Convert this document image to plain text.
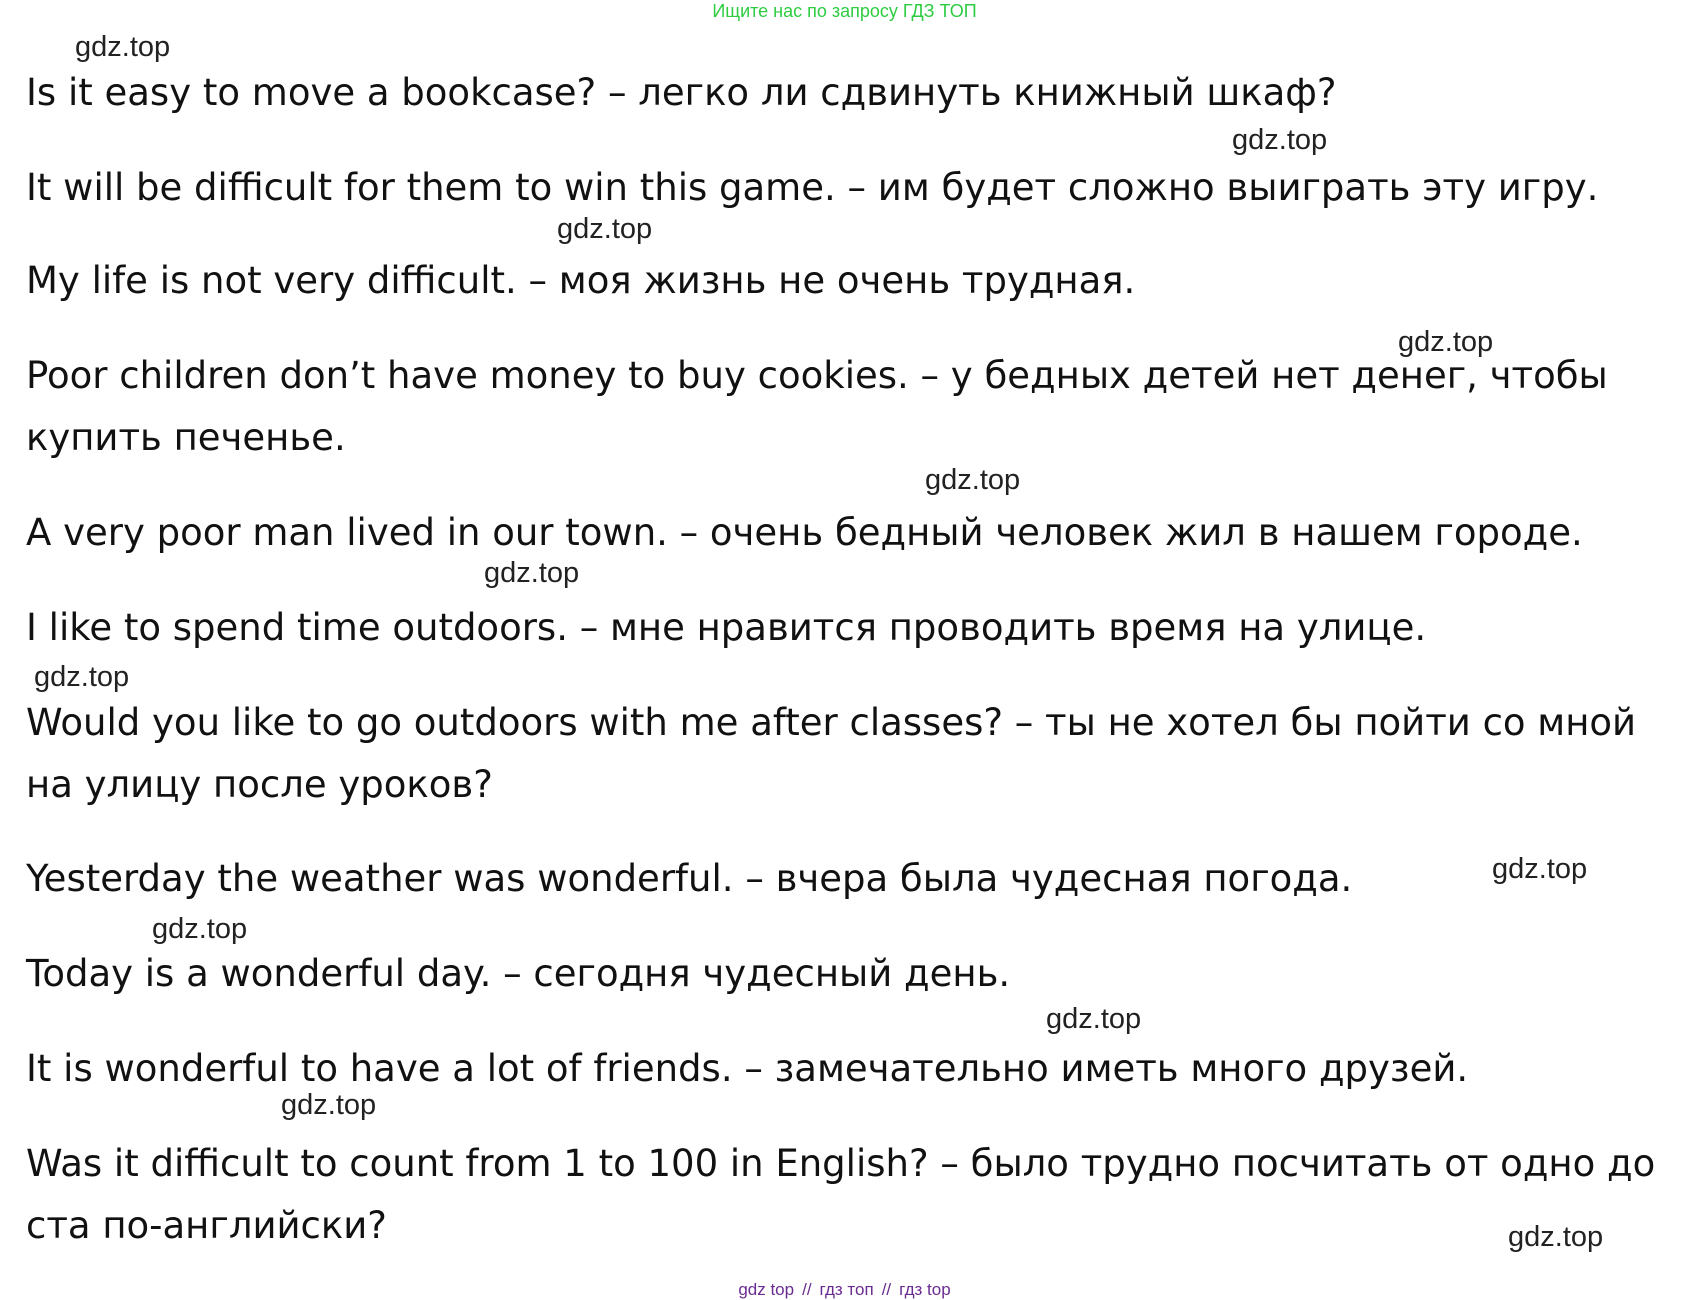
Ищите нас по запросу ГДЗ ТОП

Is it easy to move a bookcase? – легко ли сдвинуть книжный шкаф?

It will be difficult for them to win this game. – им будет сложно выиграть эту игру.

My life is not very difficult. – моя жизнь не очень трудная.

Poor children don’t have money to buy cookies. – у бедных детей нет денег, чтобы купить печенье.

A very poor man lived in our town. – очень бедный человек жил в нашем городе.

I like to spend time outdoors. – мне нравится проводить время на улице.

Would you like to go outdoors with me after classes? – ты не хотел бы пойти со мной на улицу после уроков?

Yesterday the weather was wonderful. – вчера была чудесная погода.

Today is a wonderful day. – сегодня чудесный день.

It is wonderful to have a lot of friends. – замечательно иметь много друзей.

Was it difficult to count from 1 to 100 in English? – было трудно посчитать от одно до ста по-английски?

gdz.top
gdz.top
gdz.top
gdz.top
gdz.top
gdz.top
gdz.top
gdz.top
gdz.top
gdz.top
gdz.top
gdz.top
gdz top // гдз топ // гдз top
